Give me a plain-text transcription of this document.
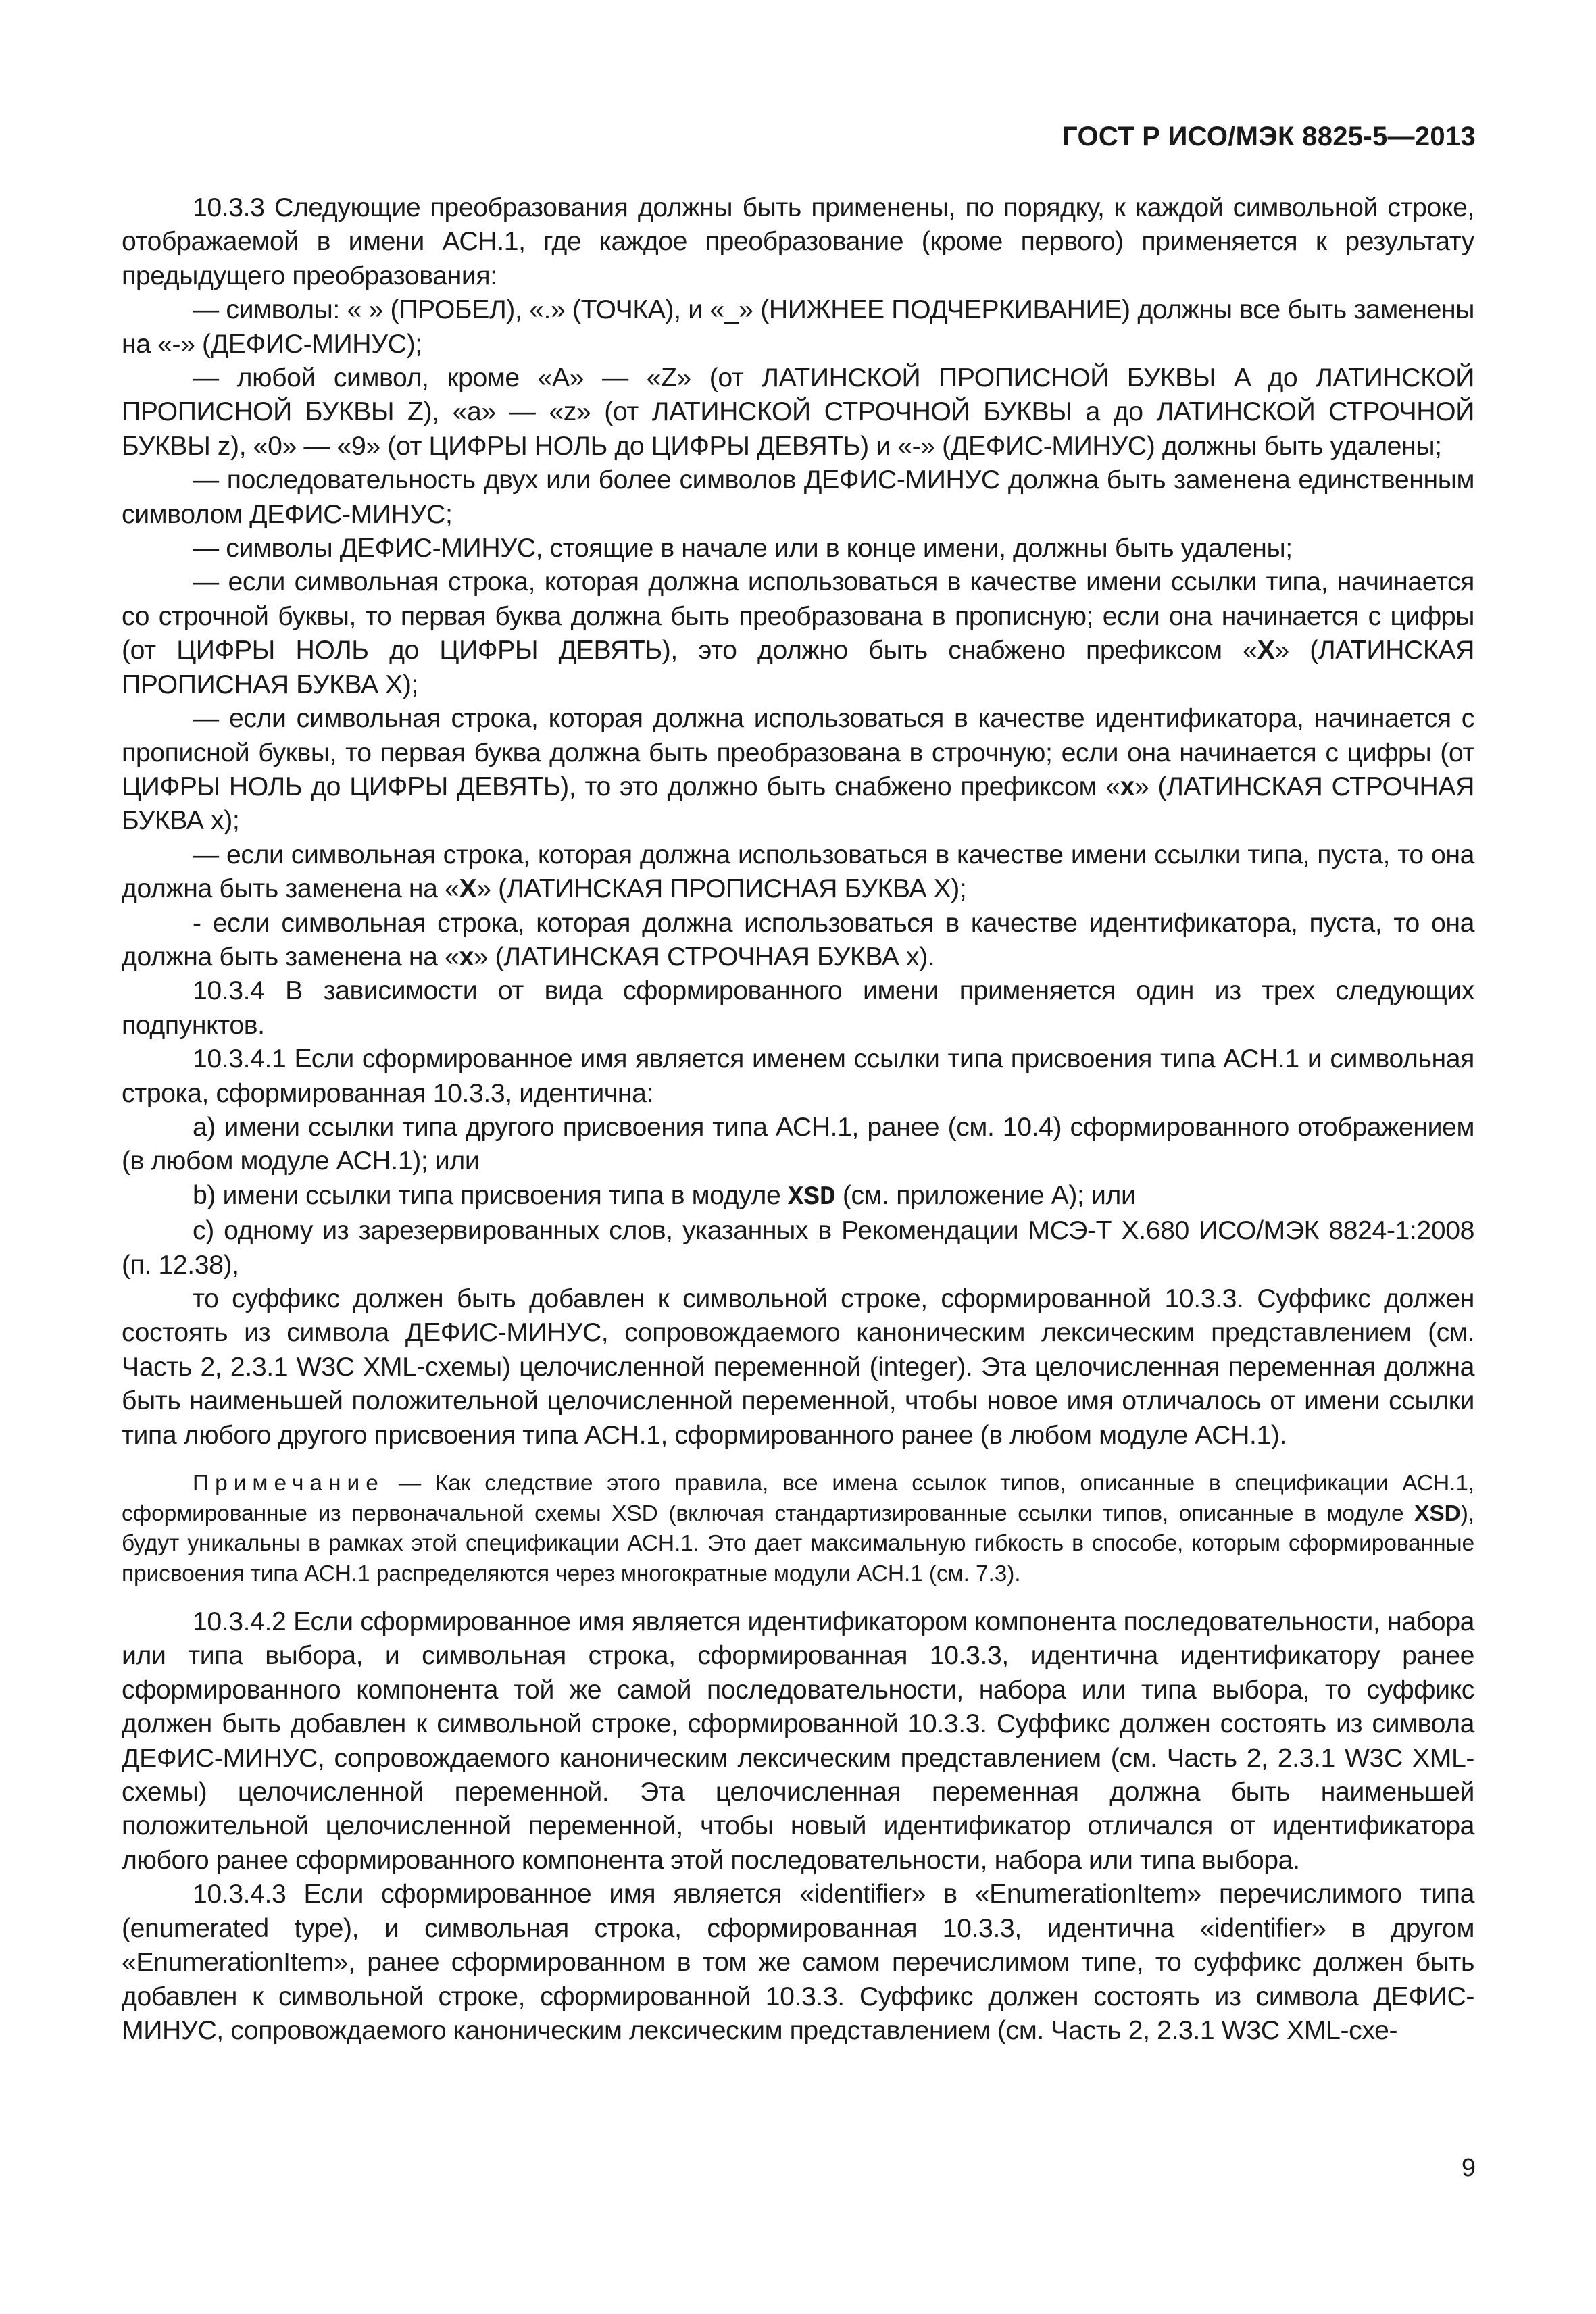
ГОСТ Р ИСО/МЭК 8825-5—2013

10.3.3 Следующие преобразования должны быть применены, по порядку, к каждой символьной строке, отображаемой в имени АСН.1, где каждое преобразование (кроме первого) применяется к результату предыдущего преобразования:

— символы: « » (ПРОБЕЛ), «.» (ТОЧКА), и «_» (НИЖНЕЕ ПОДЧЕРКИВАНИЕ) должны все быть заменены на «-» (ДЕФИС-МИНУС);

— любой символ, кроме «A» — «Z» (от ЛАТИНСКОЙ ПРОПИСНОЙ БУКВЫ A до ЛАТИНСКОЙ ПРОПИСНОЙ БУКВЫ Z), «a» — «z» (от ЛАТИНСКОЙ СТРОЧНОЙ БУКВЫ a до ЛАТИНСКОЙ СТРОЧНОЙ БУКВЫ z), «0» — «9» (от ЦИФРЫ НОЛЬ до ЦИФРЫ ДЕВЯТЬ) и «-» (ДЕФИС-МИНУС) должны быть удалены;

— последовательность двух или более символов ДЕФИС-МИНУС должна быть заменена единственным символом ДЕФИС-МИНУС;

— символы ДЕФИС-МИНУС, стоящие в начале или в конце имени, должны быть удалены;

— если символьная строка, которая должна использоваться в качестве имени ссылки типа, начинается со строчной буквы, то первая буква должна быть преобразована в прописную; если она начинается с цифры (от ЦИФРЫ НОЛЬ до ЦИФРЫ ДЕВЯТЬ), это должно быть снабжено префиксом «X» (ЛАТИНСКАЯ ПРОПИСНАЯ БУКВА X);

— если символьная строка, которая должна использоваться в качестве идентификатора, начинается с прописной буквы, то первая буква должна быть преобразована в строчную; если она начинается с цифры (от ЦИФРЫ НОЛЬ до ЦИФРЫ ДЕВЯТЬ), то это должно быть снабжено префиксом «x» (ЛАТИНСКАЯ СТРОЧНАЯ БУКВА x);

— если символьная строка, которая должна использоваться в качестве имени ссылки типа, пуста, то она должна быть заменена на «X» (ЛАТИНСКАЯ ПРОПИСНАЯ БУКВА X);

- если символьная строка, которая должна использоваться в качестве идентификатора, пуста, то она должна быть заменена на «x» (ЛАТИНСКАЯ СТРОЧНАЯ БУКВА x).

10.3.4 В зависимости от вида сформированного имени применяется один из трех следующих подпунктов.

10.3.4.1 Если сформированное имя является именем ссылки типа присвоения типа АСН.1 и символьная строка, сформированная 10.3.3, идентична:

a) имени ссылки типа другого присвоения типа АСН.1, ранее (см. 10.4) сформированного отображением (в любом модуле АСН.1); или

b) имени ссылки типа присвоения типа в модуле XSD (см. приложение А); или

c) одному из зарезервированных слов, указанных в Рекомендации МСЭ-Т X.680 ИСО/МЭК 8824-1:2008 (п. 12.38),

то суффикс должен быть добавлен к символьной строке, сформированной 10.3.3. Суффикс должен состоять из символа ДЕФИС-МИНУС, сопровождаемого каноническим лексическим представлением (см. Часть 2, 2.3.1 W3C XML-схемы) целочисленной переменной (integer). Эта целочисленная переменная должна быть наименьшей положительной целочисленной переменной, чтобы новое имя отличалось от имени ссылки типа любого другого присвоения типа АСН.1, сформированного ранее (в любом модуле АСН.1).

Примечание — Как следствие этого правила, все имена ссылок типов, описанные в спецификации АСН.1, сформированные из первоначальной схемы XSD (включая стандартизированные ссылки типов, описанные в модуле XSD), будут уникальны в рамках этой спецификации АСН.1. Это дает максимальную гибкость в способе, которым сформированные присвоения типа АСН.1 распределяются через многократные модули АСН.1 (см. 7.3).

10.3.4.2 Если сформированное имя является идентификатором компонента последовательности, набора или типа выбора, и символьная строка, сформированная 10.3.3, идентична идентификатору ранее сформированного компонента той же самой последовательности, набора или типа выбора, то суффикс должен быть добавлен к символьной строке, сформированной 10.3.3. Суффикс должен состоять из символа ДЕФИС-МИНУС, сопровождаемого каноническим лексическим представлением (см. Часть 2, 2.3.1 W3C XML-схемы) целочисленной переменной. Эта целочисленная переменная должна быть наименьшей положительной целочисленной переменной, чтобы новый идентификатор отличался от идентификатора любого ранее сформированного компонента этой последовательности, набора или типа выбора.

10.3.4.3 Если сформированное имя является «identifier» в «EnumerationItem» перечислимого типа (enumerated type), и символьная строка, сформированная 10.3.3, идентична «identifier» в другом «EnumerationItem», ранее сформированном в том же самом перечислимом типе, то суффикс должен быть добавлен к символьной строке, сформированной 10.3.3. Суффикс должен состоять из символа ДЕФИС-МИНУС, сопровождаемого каноническим лексическим представлением (см. Часть 2, 2.3.1 W3C XML-схе-

9
